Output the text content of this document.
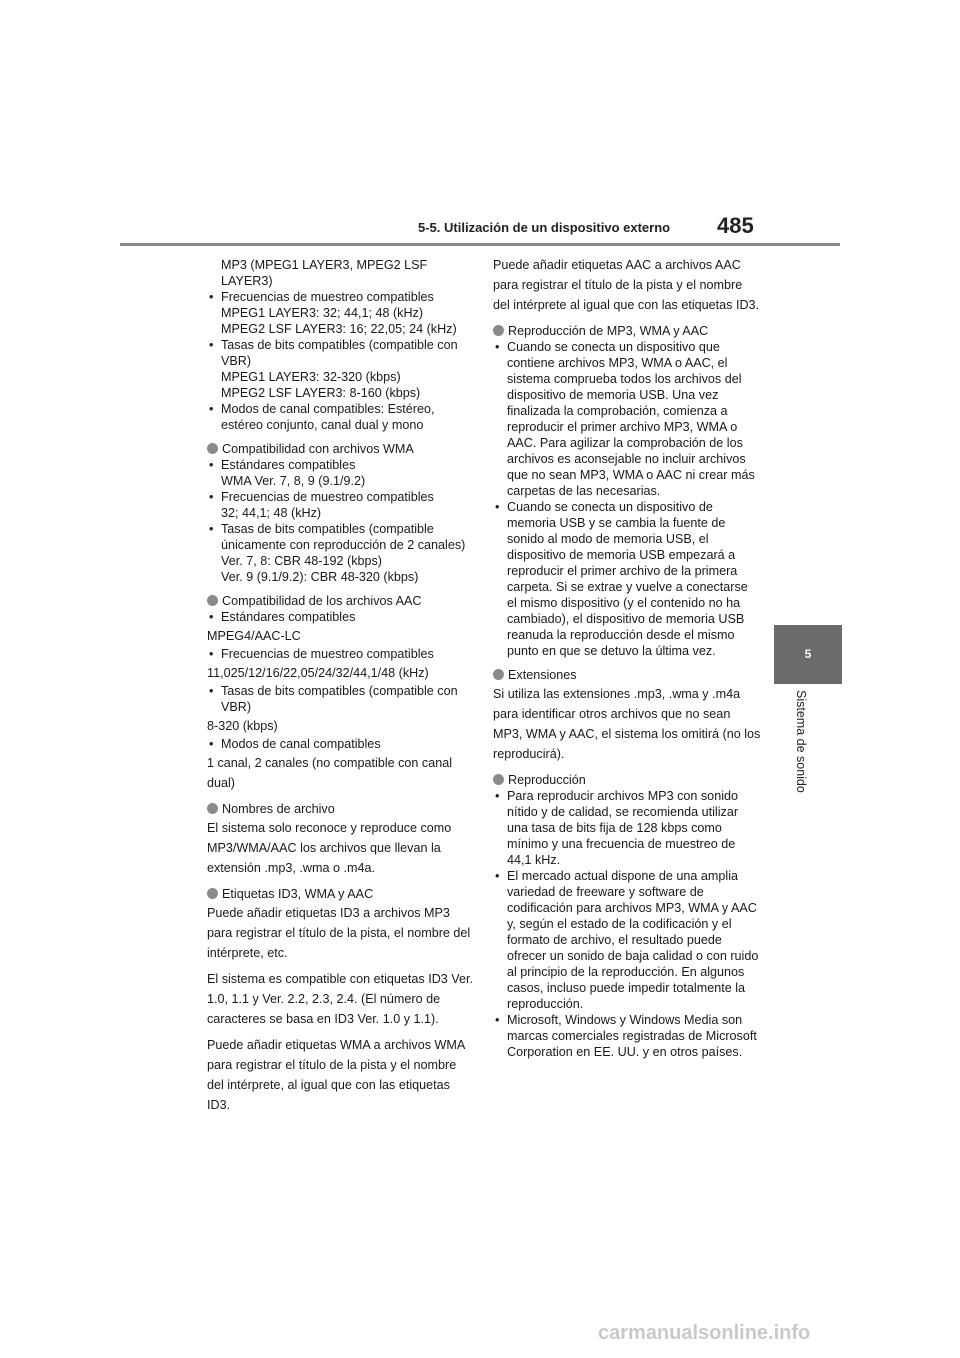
5-5. Utilización de un dispositivo externo 485
5
Sistema de sonido
MP3 (MPEG1 LAYER3, MPEG2 LSF LAYER3)
• Frecuencias de muestreo compatibles
MPEG1 LAYER3: 32; 44,1; 48 (kHz)
MPEG2 LSF LAYER3: 16; 22,05; 24 (kHz)
• Tasas de bits compatibles (compatible con VBR)
MPEG1 LAYER3: 32-320 (kbps)
MPEG2 LSF LAYER3: 8-160 (kbps)
• Modos de canal compatibles: Estéreo, estéreo conjunto, canal dual y mono
Compatibilidad con archivos WMA
• Estándares compatibles
WMA Ver. 7, 8, 9 (9.1/9.2)
• Frecuencias de muestreo compatibles
32; 44,1; 48 (kHz)
• Tasas de bits compatibles (compatible únicamente con reproducción de 2 canales)
Ver. 7, 8: CBR 48-192 (kbps)
Ver. 9 (9.1/9.2): CBR 48-320 (kbps)
Compatibilidad de los archivos AAC
• Estándares compatibles

MPEG4/AAC-LC

• Frecuencias de muestreo compatibles

11,025/12/16/22,05/24/32/44,1/48 (kHz)

• Tasas de bits compatibles (compatible con VBR)

8-320 (kbps)

• Modos de canal compatibles

1 canal, 2 canales (no compatible con canal dual)

Nombres de archivo

El sistema solo reconoce y reproduce como MP3/WMA/AAC los archivos que llevan la extensión .mp3, .wma o .m4a.

Etiquetas ID3, WMA y AAC

Puede añadir etiquetas ID3 a archivos MP3 para registrar el título de la pista, el nombre del intérprete, etc.

El sistema es compatible con etiquetas ID3 Ver. 1.0, 1.1 y Ver. 2.2, 2.3, 2.4. (El número de caracteres se basa en ID3 Ver. 1.0 y 1.1).

Puede añadir etiquetas WMA a archivos WMA para registrar el título de la pista y el nombre del intérprete, al igual que con las etiquetas ID3.

Puede añadir etiquetas AAC a archivos AAC para registrar el título de la pista y el nombre del intérprete al igual que con las etiquetas ID3.

Reproducción de MP3, WMA y AAC
• Cuando se conecta un dispositivo que contiene archivos MP3, WMA o AAC, el sistema comprueba todos los archivos del dispositivo de memoria USB. Una vez finalizada la comprobación, comienza a reproducir el primer archivo MP3, WMA o AAC. Para agilizar la comprobación de los archivos es aconsejable no incluir archivos que no sean MP3, WMA o AAC ni crear más carpetas de las necesarias.
• Cuando se conecta un dispositivo de memoria USB y se cambia la fuente de sonido al modo de memoria USB, el dispositivo de memoria USB empezará a reproducir el primer archivo de la primera carpeta. Si se extrae y vuelve a conectarse el mismo dispositivo (y el contenido no ha cambiado), el dispositivo de memoria USB reanuda la reproducción desde el mismo punto en que se detuvo la última vez.
Extensiones

Si utiliza las extensiones .mp3, .wma y .m4a para identificar otros archivos que no sean MP3, WMA y AAC, el sistema los omitirá (no los reproducirá).

Reproducción
• Para reproducir archivos MP3 con sonido nítido y de calidad, se recomienda utilizar una tasa de bits fija de 128 kbps como mínimo y una frecuencia de muestreo de 44,1 kHz.
• El mercado actual dispone de una amplia variedad de freeware y software de codificación para archivos MP3, WMA y AAC y, según el estado de la codificación y el formato de archivo, el resultado puede ofrecer un sonido de baja calidad o con ruido al principio de la reproducción. En algunos casos, incluso puede impedir totalmente la reproducción.
• Microsoft, Windows y Windows Media son marcas comerciales registradas de Microsoft Corporation en EE. UU. y en otros países.
carmanualsonline.info
